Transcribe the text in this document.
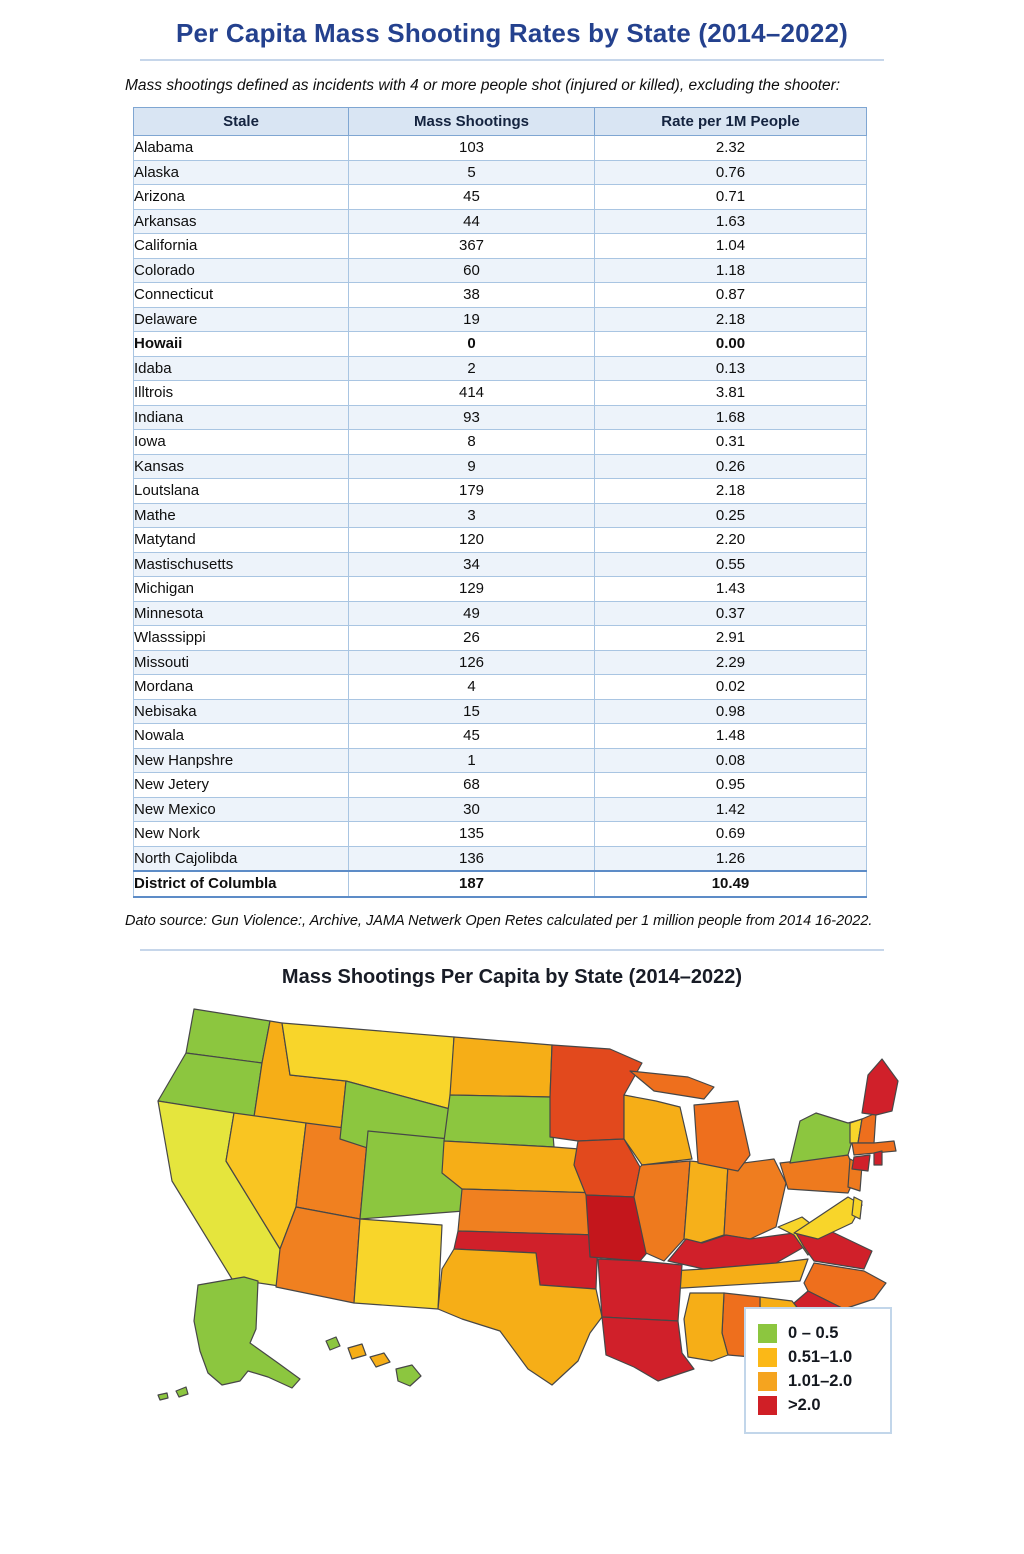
Per Capita Mass Shooting Rates by State (2014–2022)

Mass shootings defined as incidents with 4 or more people shot (injured or killed), excluding the shooter:

Stale	Mass Shootings	Rate per 1M People
Alabama	103	2.32
Alaska	5	0.76
Arizona	45	0.71
Arkansas	44	1.63
California	367	1.04
Colorado	60	1.18
Connecticut	38	0.87
Delaware	19	2.18
Howaii	0	0.00
Idaba	2	0.13
Illtrois	414	3.81
Indiana	93	1.68
Iowa	8	0.31
Kansas	9	0.26
Loutslana	179	2.18
Mathe	3	0.25
Matytand	120	2.20
Mastischusetts	34	0.55
Michigan	129	1.43
Minnesota	49	0.37
Wlasssippi	26	2.91
Missouti	126	2.29
Mordana	4	0.02
Nebisaka	15	0.98
Nowala	45	1.48
New Hanpshre	1	0.08
New Jetery	68	0.95
New Mexico	30	1.42
New Nork	135	0.69
North Cajolibda	136	1.26
District of Columbla	187	10.49

Dato source: Gun Violence:, Archive, JAMA Netwerk Open Retes calculated per 1 million people from 2014 16-2022.

Mass Shootings Per Capita by State (2014–2022)
0 – 0.5
0.51–1.0
1.01–2.0
>2.0
